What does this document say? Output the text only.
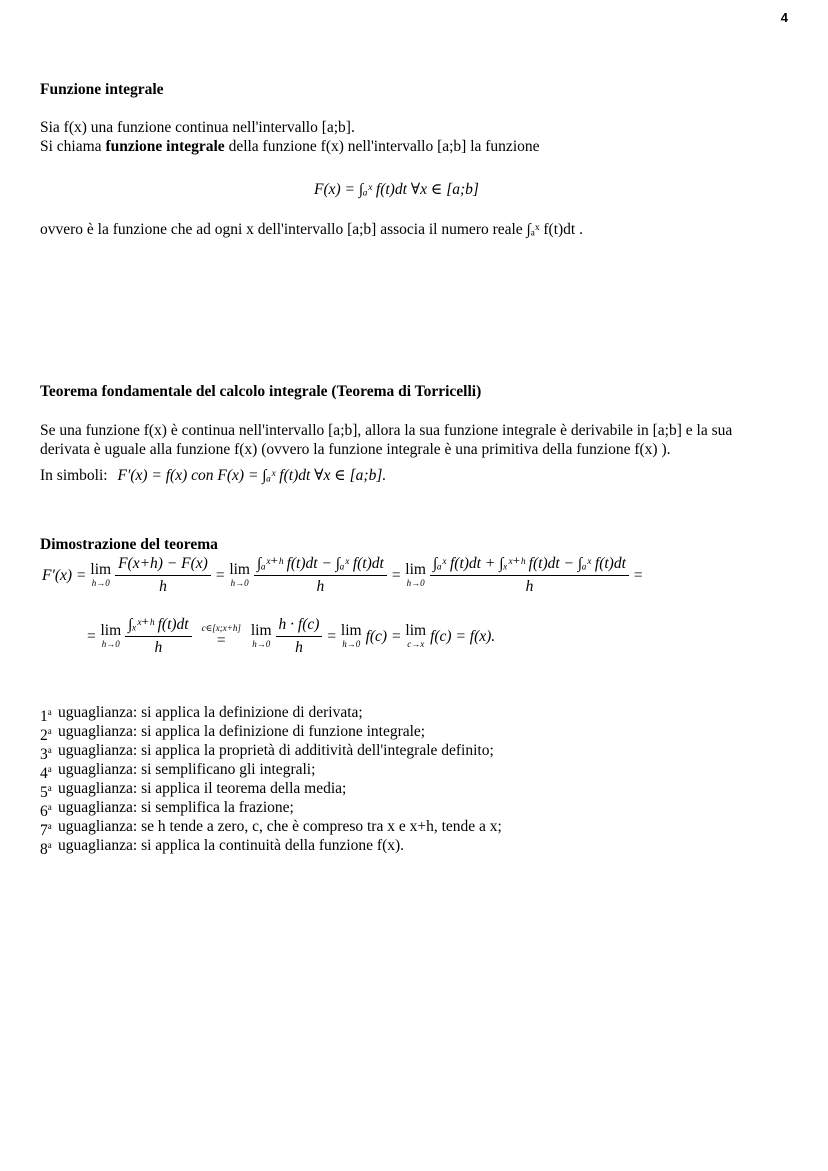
4
Funzione integrale
Sia f(x) una funzione continua nell'intervallo [a;b].
Si chiama funzione integrale della funzione f(x) nell'intervallo [a;b] la funzione
F(x) = ∫ₐˣ f(t)dt ∀x ∈ [a;b]
ovvero è la funzione che ad ogni x dell'intervallo [a;b] associa il numero reale ∫ₐˣ f(t)dt .
Teorema fondamentale del calcolo integrale (Teorema di Torricelli)
Se una funzione f(x) è continua nell'intervallo [a;b], allora la sua funzione integrale è derivabile in [a;b] e la sua
derivata è uguale alla funzione f(x) (ovvero la funzione integrale è una primitiva della funzione f(x) ).
In simboli: F′(x) = f(x) con F(x) = ∫ₐˣ f(t)dt ∀x ∈ [a;b].
Dimostrazione del teorema
F′(x) = lim
$h\to 0 \frac{F(x+h) - F(x)}{h} = \lim$
$h\to 0 \frac{\text{∫ₐˣ⁺ʰ f(t)dt − ∫ₐˣ f(t)dt}}{h} = \lim$
$h\to 0 \frac{\text{∫ₐˣ f(t)dt + ∫ₓˣ⁺ʰ f(t)dt − ∫ₐˣ f(t)dt}}{h}$ =
= lim
$h\to 0 \frac{\text{∫ₓˣ⁺ʰ f(t)dt}}{h}$ c∈[x;x+h]
=
lim
$h\to 0 \frac{h \cdot f(c)}{h} = \lim$
h→0 f(c) = lim
c→x f(c) = f(x).
1$^a$ uguaglianza: si applica la definizione di derivata;
2$^a$ uguaglianza: si applica la definizione di funzione integrale;
3$^a$ uguaglianza: si applica la proprietà di additività dell'integrale definito;
4$^a$ uguaglianza: si semplificano gli integrali;
5$^a$ uguaglianza: si applica il teorema della media;
6$^a$ uguaglianza: si semplifica la frazione;
7$^a$ uguaglianza: se h tende a zero, c, che è compreso tra x e x+h, tende a x;
8$^a$ uguaglianza: si applica la continuità della funzione f(x).
